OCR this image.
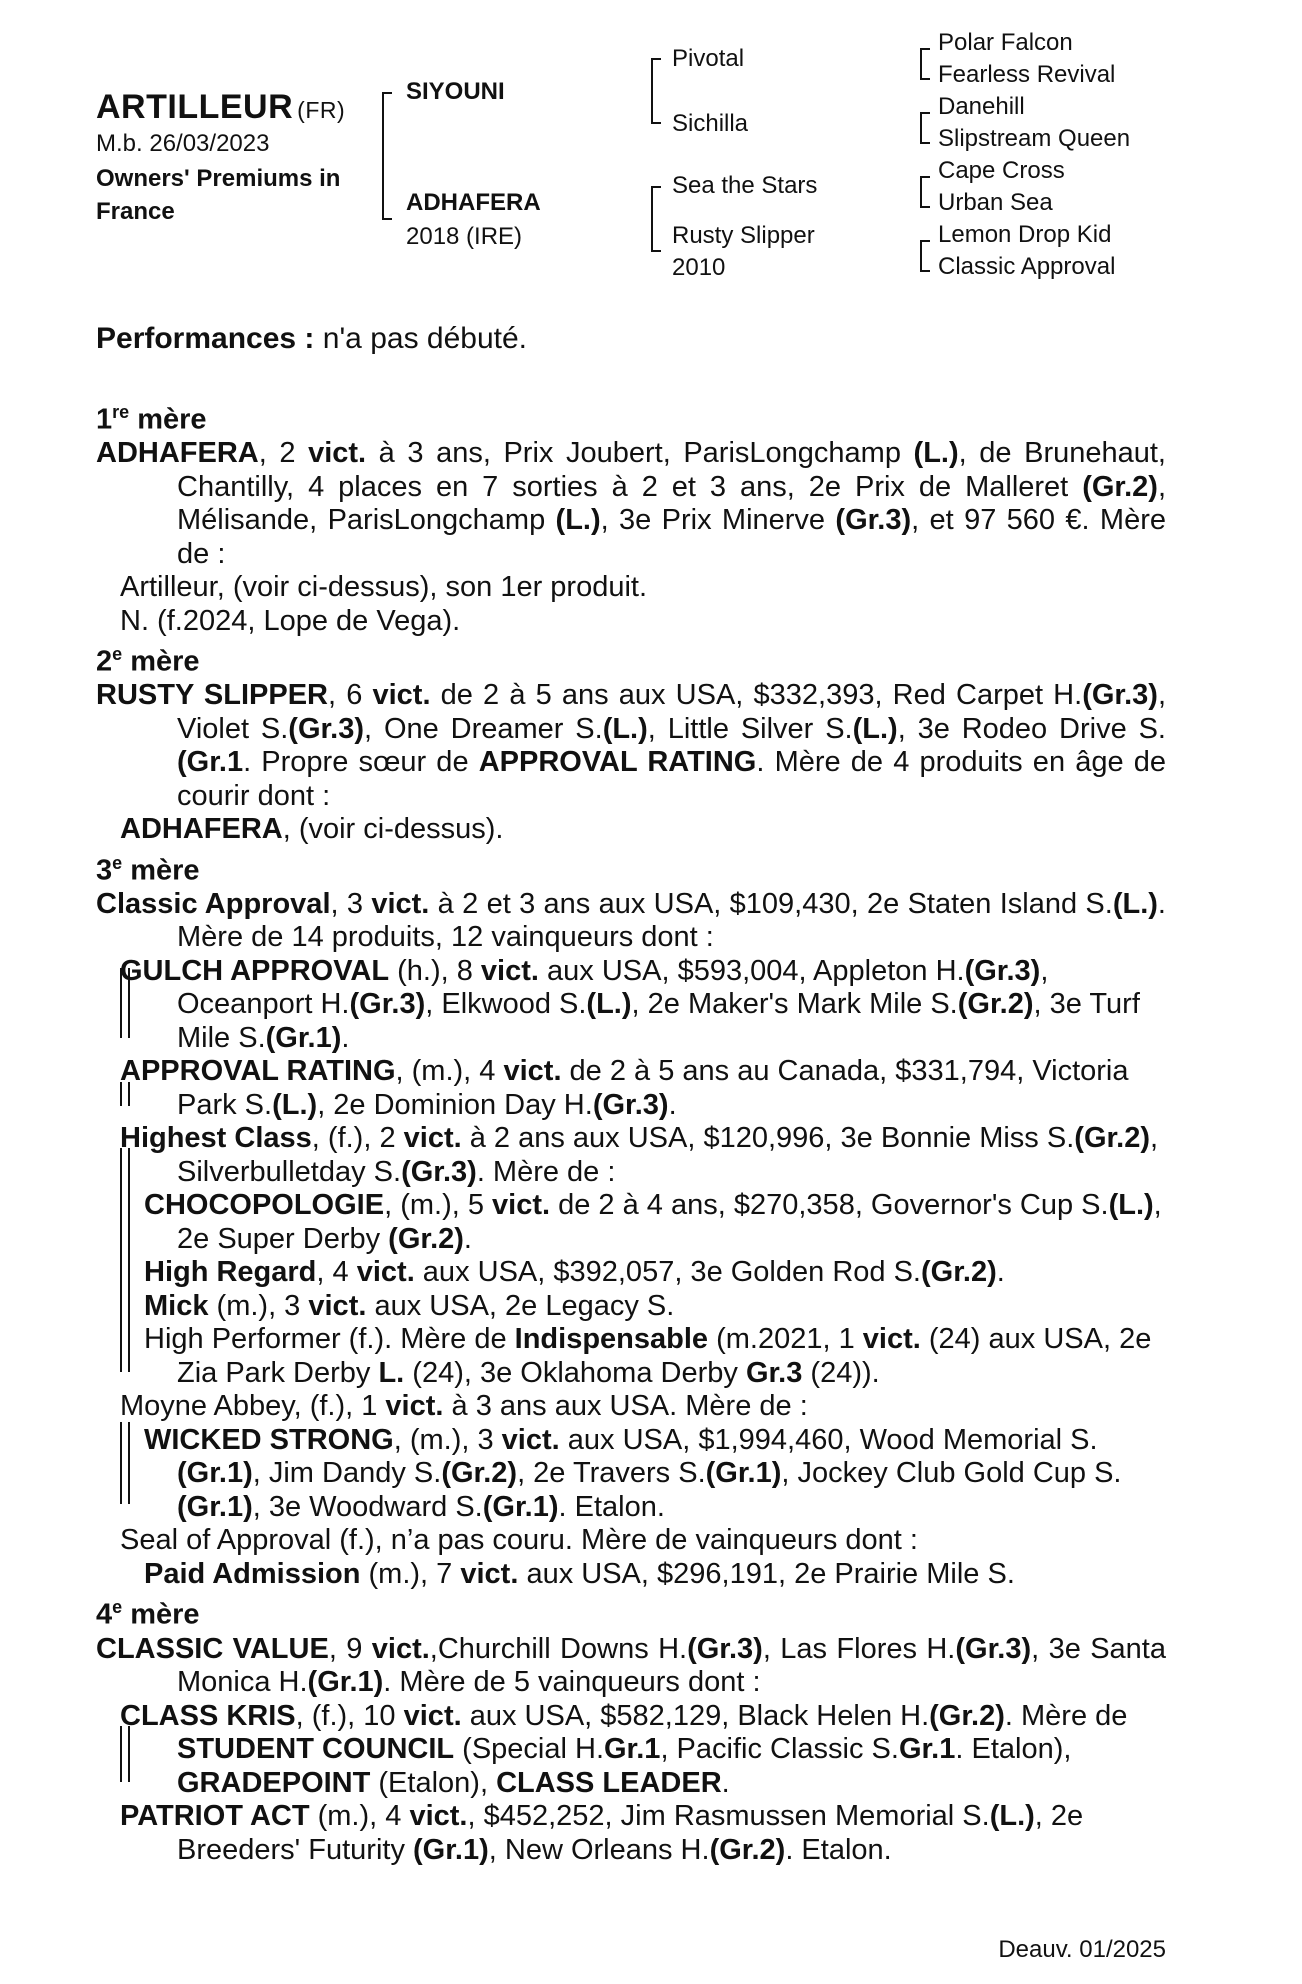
ARTILLEUR (FR)
M.b. 26/03/2023
Owners' Premiums in France
SIYOUNI
ADHAFERA
2018 (IRE)
Pivotal
Sichilla
Sea the Stars
Rusty Slipper
2010
Polar Falcon
Fearless Revival
Danehill
Slipstream Queen
Cape Cross
Urban Sea
Lemon Drop Kid
Classic Approval
Performances : n'a pas débuté.
1re mère
ADHAFERA, 2 vict. à 3 ans, Prix Joubert, ParisLongchamp (L.), de Brunehaut, Chantilly, 4 places en 7 sorties à 2 et 3 ans, 2e Prix de Malleret (Gr.2), Mélisande, ParisLongchamp (L.), 3e Prix Minerve (Gr.3), et 97 560 €. Mère de :
Artilleur, (voir ci-dessus), son 1er produit.
N. (f.2024, Lope de Vega).
2e mère
RUSTY SLIPPER, 6 vict. de 2 à 5 ans aux USA, $332,393, Red Carpet H.(Gr.3), Violet S.(Gr.3), One Dreamer S.(L.), Little Silver S.(L.), 3e Rodeo Drive S.(Gr.1. Propre sœur de APPROVAL RATING. Mère de 4 produits en âge de courir dont :
ADHAFERA, (voir ci-dessus).
3e mère
Classic Approval, 3 vict. à 2 et 3 ans aux USA, $109,430, 2e Staten Island S.(L.). Mère de 14 produits, 12 vainqueurs dont :
GULCH APPROVAL (h.), 8 vict. aux USA, $593,004, Appleton H.(Gr.3), Oceanport H.(Gr.3), Elkwood S.(L.), 2e Maker's Mark Mile S.(Gr.2), 3e Turf Mile S.(Gr.1).
APPROVAL RATING, (m.), 4 vict. de 2 à 5 ans au Canada, $331,794, Victoria Park S.(L.), 2e Dominion Day H.(Gr.3).
Highest Class, (f.), 2 vict. à 2 ans aux USA, $120,996, 3e Bonnie Miss S.(Gr.2), Silverbulletday S.(Gr.3). Mère de :
CHOCOPOLOGIE, (m.), 5 vict. de 2 à 4 ans, $270,358, Governor's Cup S.(L.), 2e Super Derby (Gr.2).
High Regard, 4 vict. aux USA, $392,057, 3e Golden Rod S.(Gr.2).
Mick (m.), 3 vict. aux USA, 2e Legacy S.
High Performer (f.). Mère de Indispensable (m.2021, 1 vict. (24) aux USA, 2e Zia Park Derby L. (24), 3e Oklahoma Derby Gr.3 (24)).
Moyne Abbey, (f.), 1 vict. à 3 ans aux USA. Mère de :
WICKED STRONG, (m.), 3 vict. aux USA, $1,994,460, Wood Memorial S.(Gr.1), Jim Dandy S.(Gr.2), 2e Travers S.(Gr.1), Jockey Club Gold Cup S.(Gr.1), 3e Woodward S.(Gr.1). Etalon.
Seal of Approval (f.), n’a pas couru. Mère de vainqueurs dont :
Paid Admission (m.), 7 vict. aux USA, $296,191, 2e Prairie Mile S.
4e mère
CLASSIC VALUE, 9 vict.,Churchill Downs H.(Gr.3), Las Flores H.(Gr.3), 3e Santa Monica H.(Gr.1). Mère de 5 vainqueurs dont :
CLASS KRIS, (f.), 10 vict. aux USA, $582,129, Black Helen H.(Gr.2). Mère de STUDENT COUNCIL (Special H.Gr.1, Pacific Classic S.Gr.1. Etalon), GRADEPOINT (Etalon), CLASS LEADER.
PATRIOT ACT (m.), 4 vict., $452,252, Jim Rasmussen Memorial S.(L.), 2e Breeders' Futurity (Gr.1), New Orleans H.(Gr.2). Etalon.
Deauv. 01/2025
